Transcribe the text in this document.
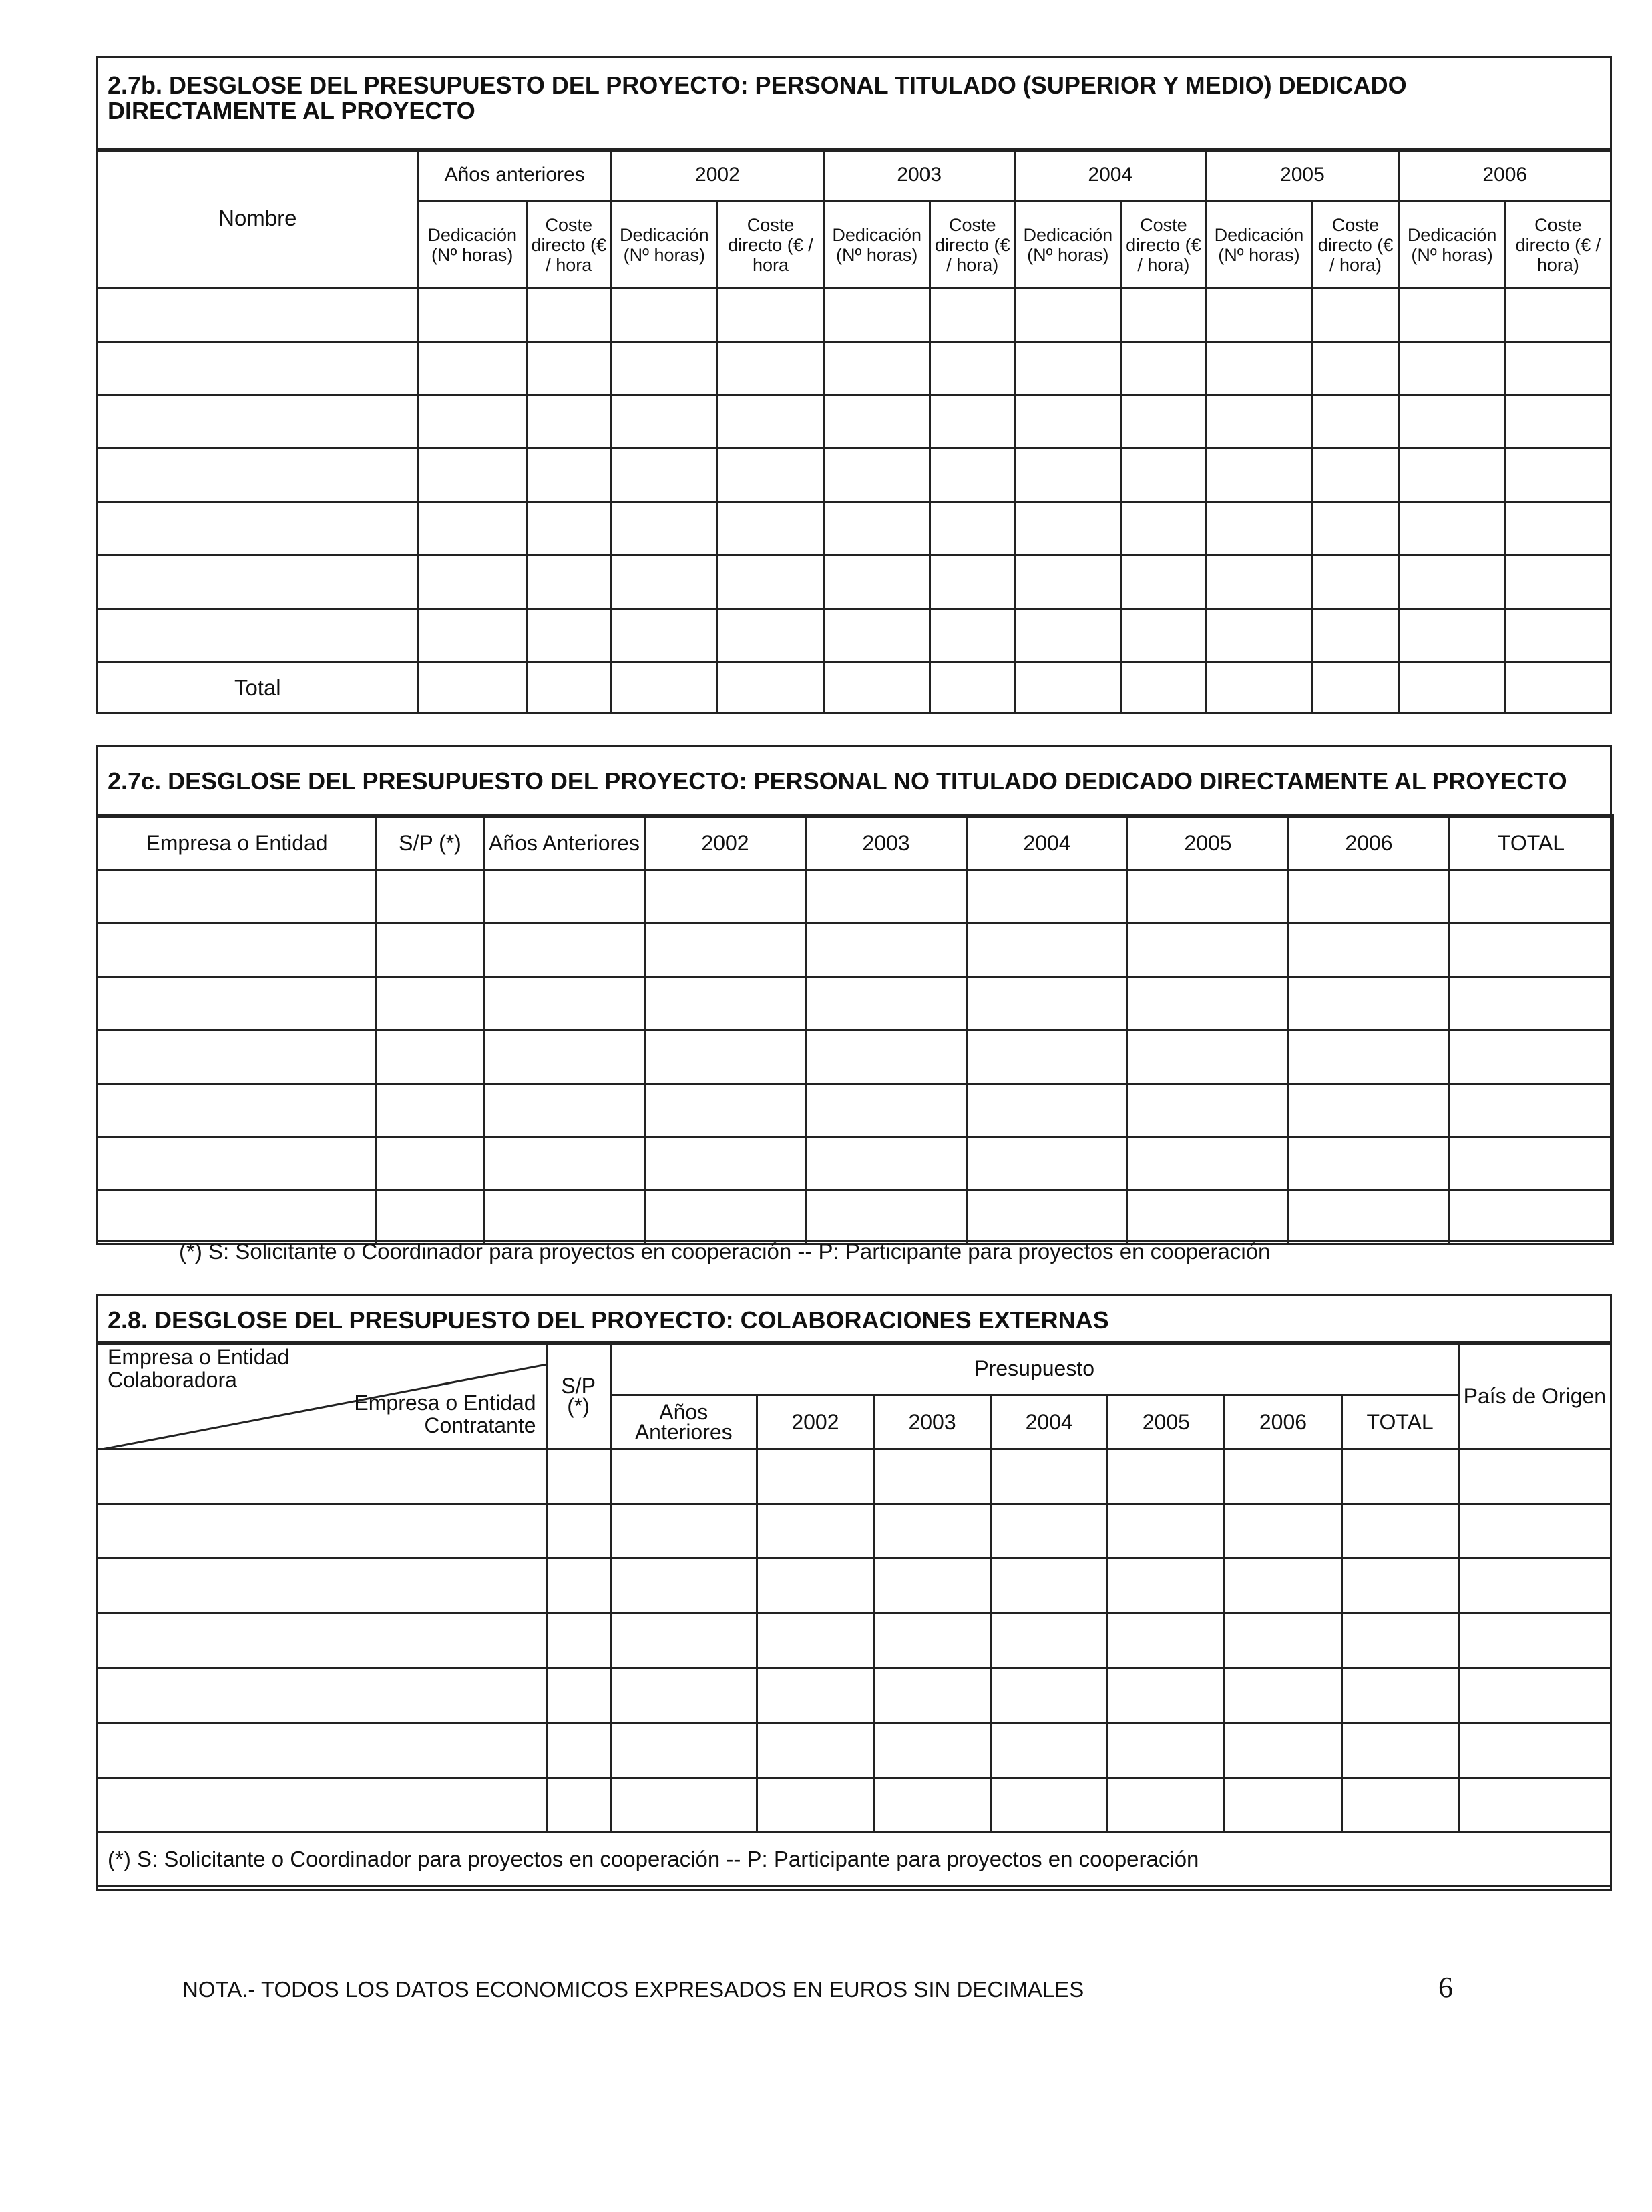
2.7b. DESGLOSE DEL PRESUPUESTO DEL PROYECTO: PERSONAL TITULADO (SUPERIOR Y MEDIO) DEDICADO
DIRECTAMENTE AL PROYECTO
Nombre	Años anteriores		2002		2003		2004		2005		2006	
	Dedicación (Nº horas)	Coste directo (€ / hora	Dedicación (Nº horas)	Coste directo (€ / hora	Dedicación (Nº horas)	Coste directo (€ / hora)	Dedicación (Nº horas)	Coste directo (€ / hora)	Dedicación (Nº horas)	Coste directo (€ / hora)	Dedicación (Nº horas)	Coste directo (€ / hora)

Total												
2.7c. DESGLOSE DEL PRESUPUESTO DEL PROYECTO: PERSONAL NO TITULADO DEDICADO DIRECTAMENTE AL PROYECTO
Empresa o Entidad	S/P (*)	Años Anteriores	2002	2003	2004	2005	2006	TOTAL

(*) S: Solicitante o Coordinador para proyectos en cooperación -- P: Participante para proyectos en cooperación
2.8. DESGLOSE DEL PRESUPUESTO DEL PROYECTO: COLABORACIONES EXTERNAS
Empresa o Entidad Colaboradora
Empresa o Entidad Contratante	S/P (*)	Presupuesto							País de Origen
		Años Anteriores	2002	2003	2004	2005	2006	TOTAL	

(*) S: Solicitante o Coordinador para proyectos en cooperación -- P: Participante para proyectos en cooperación									
NOTA.- TODOS LOS DATOS ECONOMICOS EXPRESADOS EN EUROS SIN DECIMALES	6
